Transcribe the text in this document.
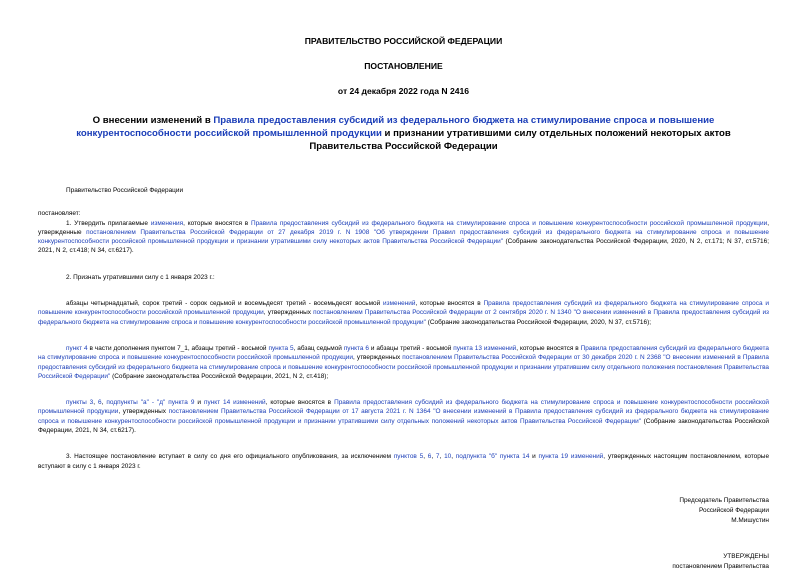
ПРАВИТЕЛЬСТВО РОССИЙСКОЙ ФЕДЕРАЦИИ
ПОСТАНОВЛЕНИЕ
от 24 декабря 2022 года N 2416
О внесении изменений в Правила предоставления субсидий из федерального бюджета на стимулирование спроса и повышение конкурентоспособности российской промышленной продукции и признании утратившими силу отдельных положений некоторых актов Правительства Российской Федерации
Правительство Российской Федерации
постановляет:
1. Утвердить прилагаемые изменения, которые вносятся в Правила предоставления субсидий из федерального бюджета на стимулирование спроса и повышение конкурентоспособности российской промышленной продукции, утвержденные постановлением Правительства Российской Федерации от 27 декабря 2019 г. N 1908 "Об утверждении Правил предоставления субсидий из федерального бюджета на стимулирование спроса и повышение конкурентоспособности российской промышленной продукции и признании утратившими силу некоторых актов Правительства Российской Федерации" (Собрание законодательства Российской Федерации, 2020, N 2, ст.171; N 37, ст.5716; 2021, N 2, ст.418; N 34, ст.6217).
2. Признать утратившими силу с 1 января 2023 г.:
абзацы четырнадцатый, сорок третий - сорок седьмой и восемьдесят третий - восемьдесят восьмой изменений, которые вносятся в Правила предоставления субсидий из федерального бюджета на стимулирование спроса и повышение конкурентоспособности российской промышленной продукции, утвержденных постановлением Правительства Российской Федерации от 2 сентября 2020 г. N 1340 "О внесении изменений в Правила предоставления субсидий из федерального бюджета на стимулирование спроса и повышение конкурентоспособности российской промышленной продукции" (Собрание законодательства Российской Федерации, 2020, N 37, ст.5716);
пункт 4 в части дополнения пунктом 7_1, абзацы третий - восьмой пункта 5, абзац седьмой пункта 6 и абзацы третий - восьмой пункта 13 изменений, которые вносятся в Правила предоставления субсидий из федерального бюджета на стимулирование спроса и повышение конкурентоспособности российской промышленной продукции, утвержденных постановлением Правительства Российской Федерации от 30 декабря 2020 г. N 2368 "О внесении изменений в Правила предоставления субсидий из федерального бюджета на стимулирование спроса и повышение конкурентоспособности российской промышленной продукции и признании утратившим силу отдельного положения постановления Правительства Российской Федерации" (Собрание законодательства Российской Федерации, 2021, N 2, ст.418);
пункты 3, 6, подпункты "а" - "д" пункта 9 и пункт 14 изменений, которые вносятся в Правила предоставления субсидий из федерального бюджета на стимулирование спроса и повышение конкурентоспособности российской промышленной продукции, утвержденных постановлением Правительства Российской Федерации от 17 августа 2021 г. N 1364 "О внесении изменений в Правила предоставления субсидий из федерального бюджета на стимулирование спроса и повышение конкурентоспособности российской промышленной продукции и признании утратившими силу отдельных положений некоторых актов Правительства Российской Федерации" (Собрание законодательства Российской Федерации, 2021, N 34, ст.6217).
3. Настоящее постановление вступает в силу со дня его официального опубликования, за исключением пунктов 5, 6, 7, 10, подпункта "б" пункта 14 и пункта 19 изменений, утвержденных настоящим постановлением, которые вступают в силу с 1 января 2023 г.
Председатель Правительства
Российской Федерации
М.Мишустин
УТВЕРЖДЕНЫ
постановлением Правительства
